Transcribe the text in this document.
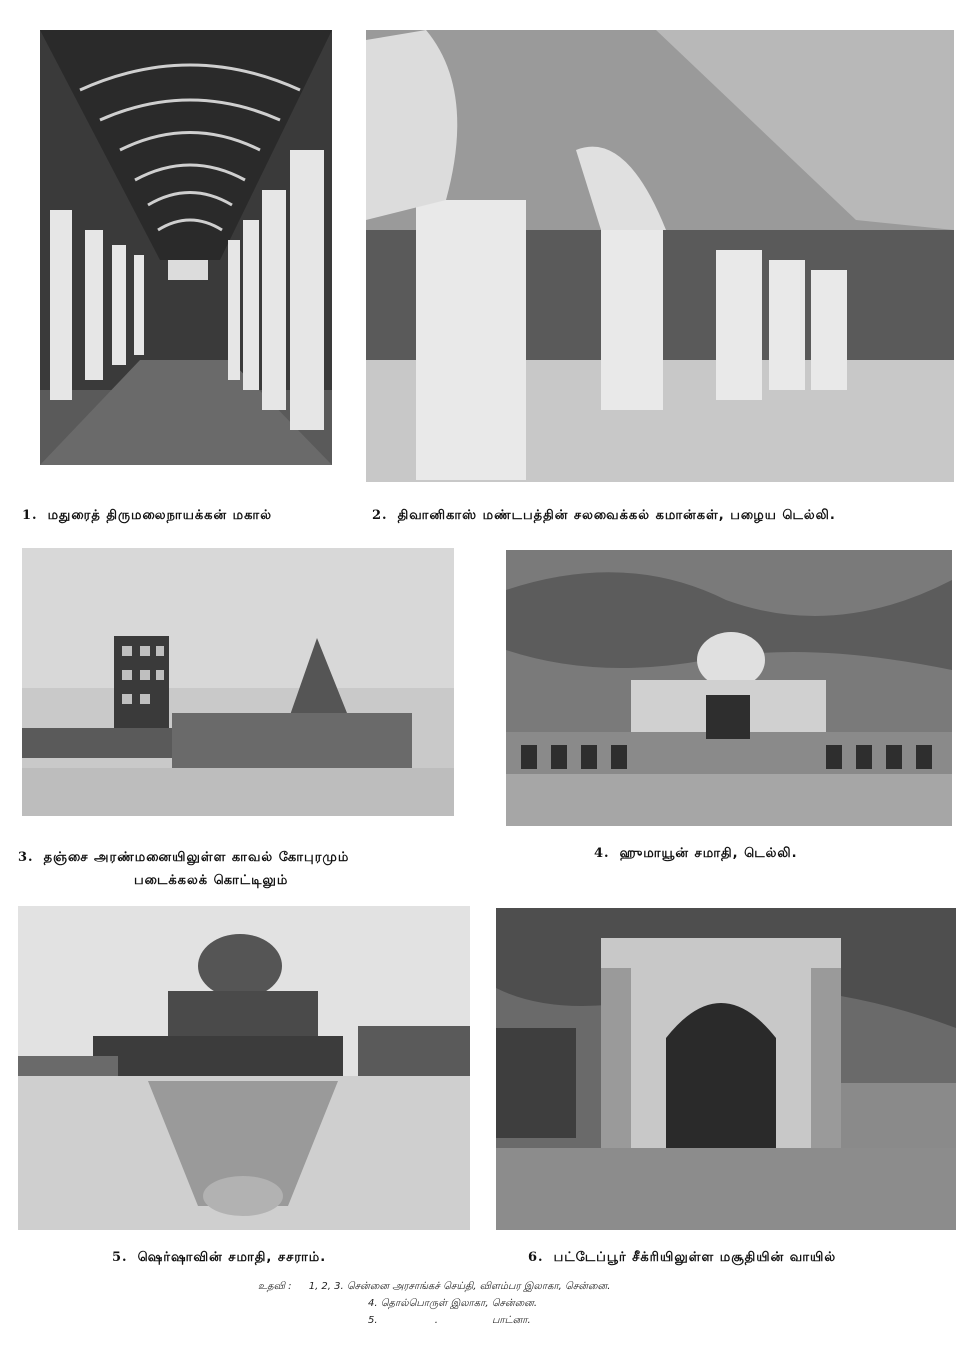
1. மதுரைத் திருமலைநாயக்கன் மகால்	2. திவானிகாஸ் மண்டபத்தின் சலவைக்கல் கமான்கள், பழைய டெல்லி.
3. தஞ்சை அரண்மனையிலுள்ள காவல் கோபுரமும்
படைக்கலக் கொட்டிலும்
4. ஹுமாயூன் சமாதி, டெல்லி.
5. ஷெர்ஷாவின் சமாதி, சசராம்.	6. பட்டேப்பூர் சீக்ரியிலுள்ள மசூதியின் வாயில்
உதவி : 1, 2, 3. சென்னை அரசாங்கச் செய்தி, விளம்பர இலாகா, சென்னை.
4. தொல்பொருள் இலாகா, சென்னை.
5.                  .                 பாட்னா.
